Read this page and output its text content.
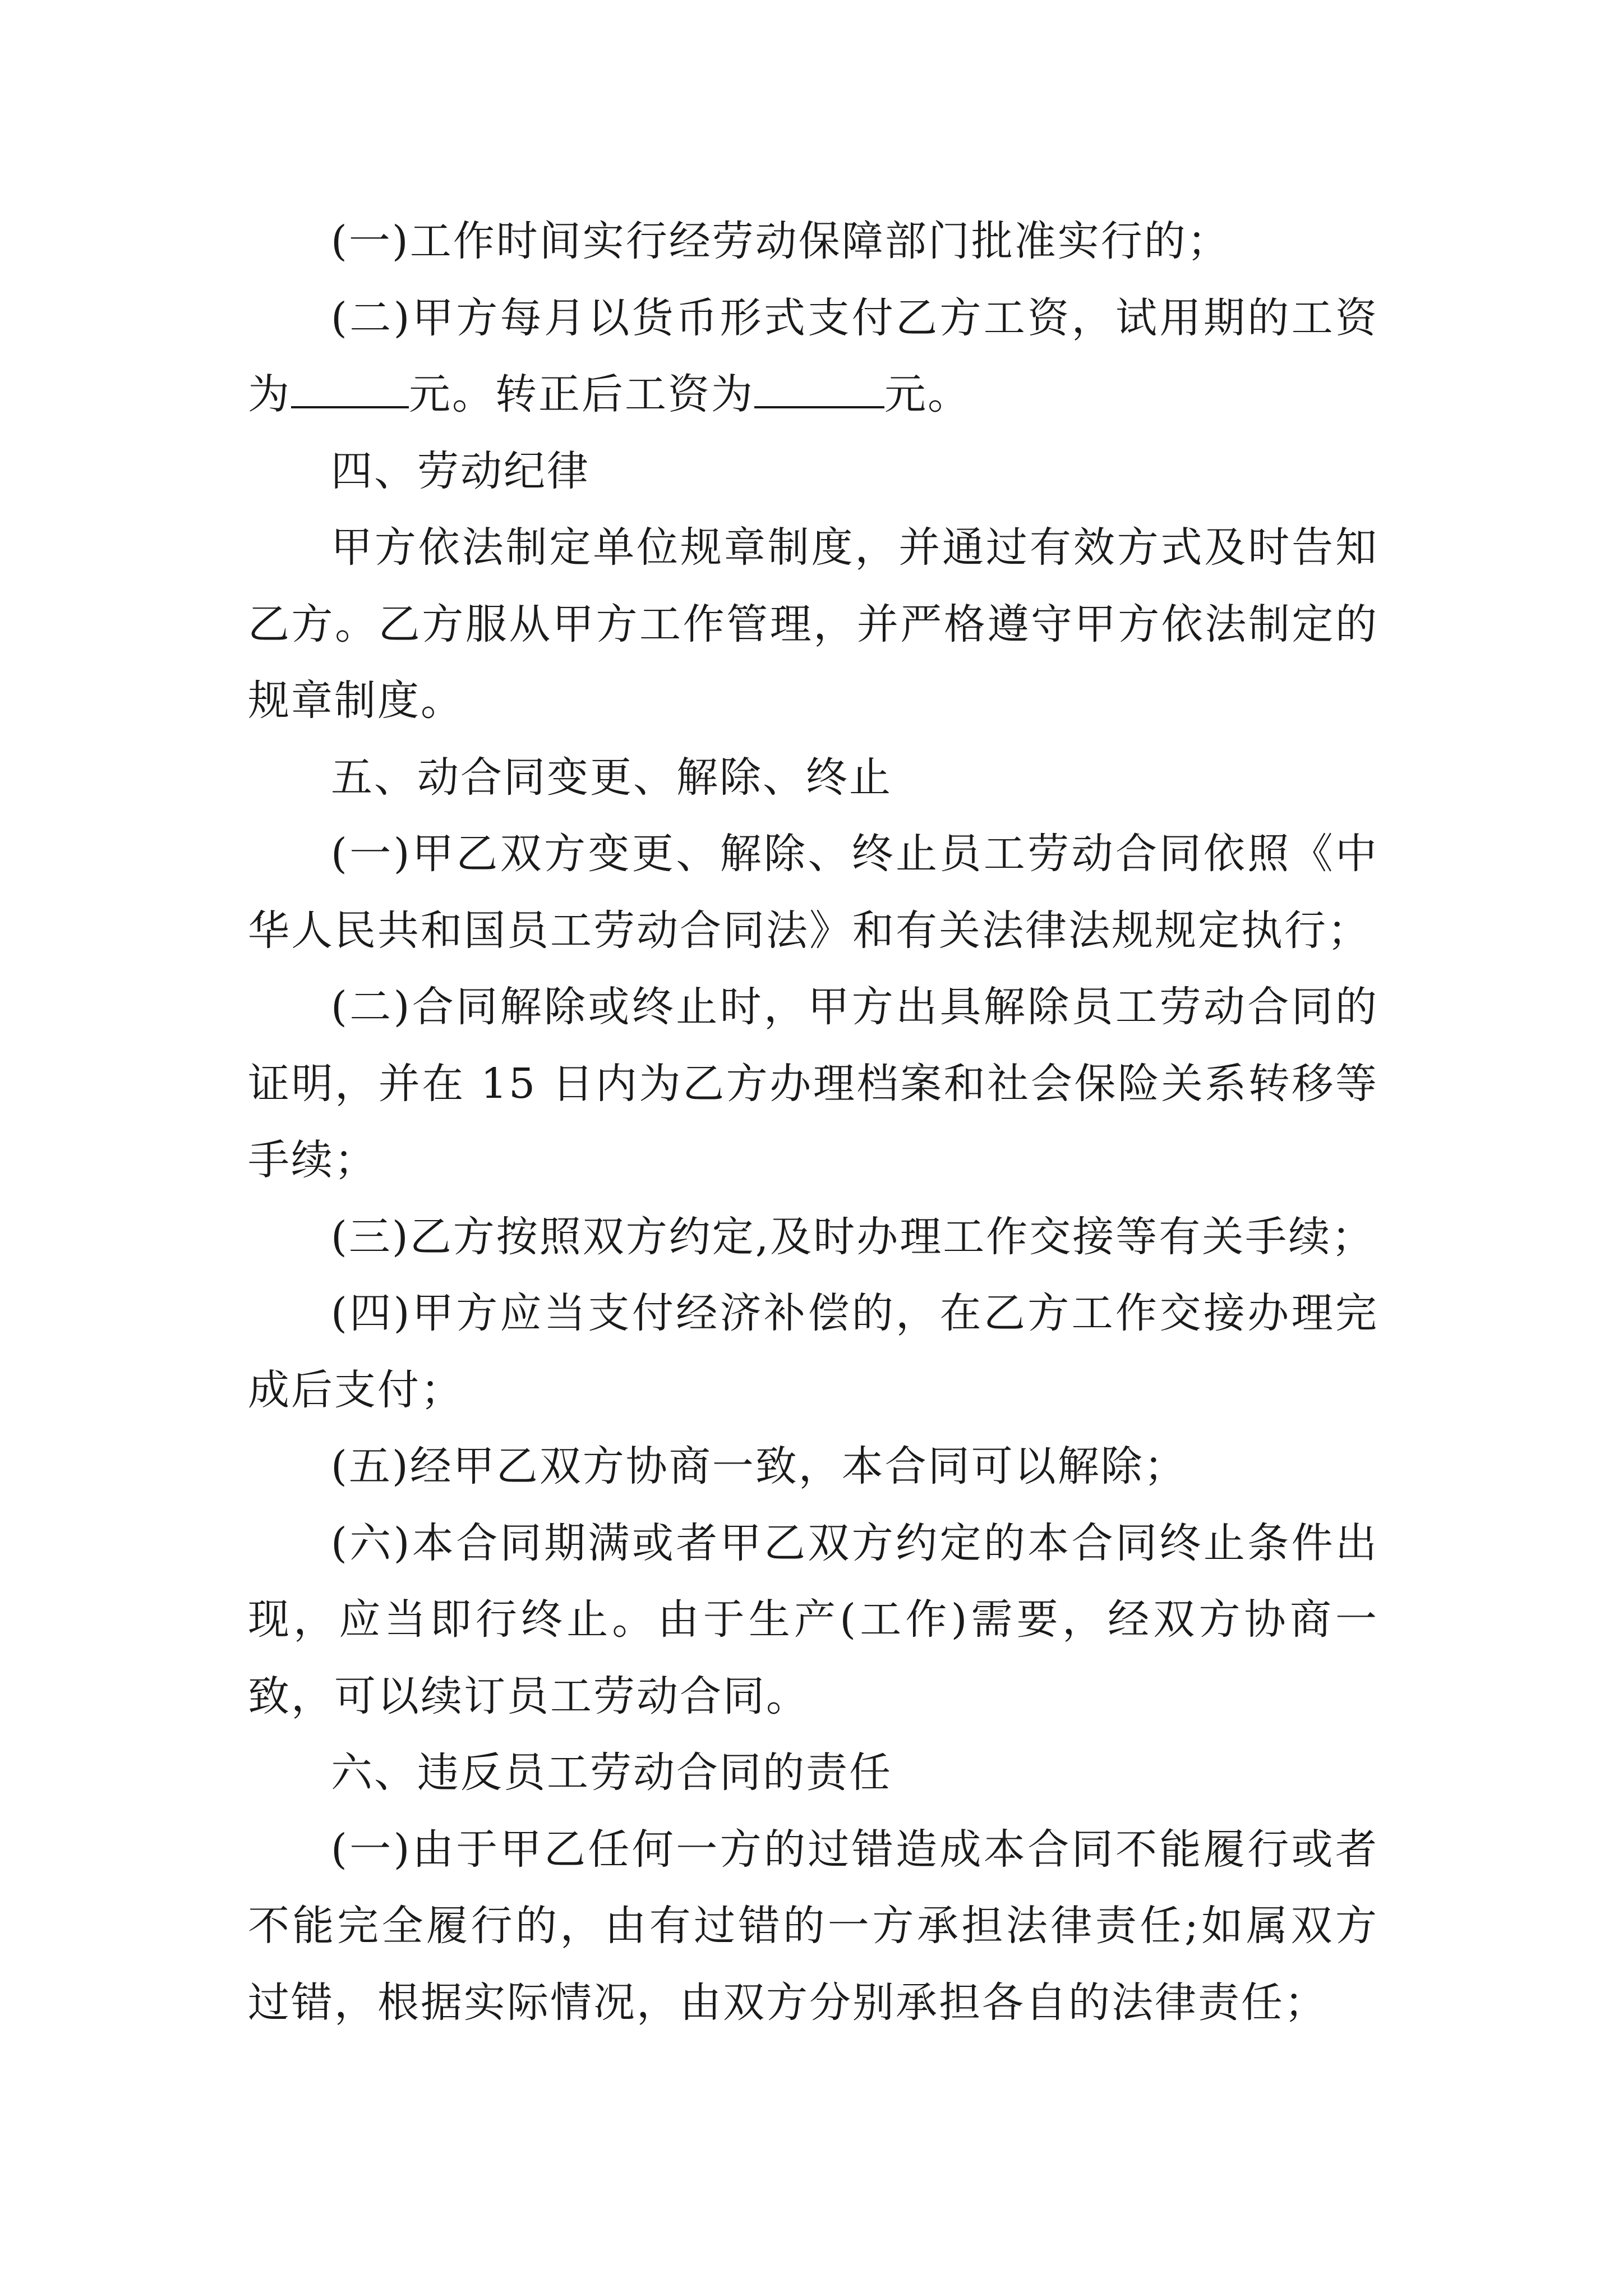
(一)工作时间实行经劳动保障部门批准实行的；

(二)甲方每月以货币形式支付乙方工资，试用期的工资为	元。转正后工资为	元。

四、劳动纪律

甲方依法制定单位规章制度，并通过有效方式及时告知乙方。乙方服从甲方工作管理，并严格遵守甲方依法制定的规章制度。

五、动合同变更、解除、终止

(一)甲乙双方变更、解除、终止员工劳动合同依照《中华人民共和国员工劳动合同法》和有关法律法规规定执行；

(二)合同解除或终止时，甲方出具解除员工劳动合同的证明，并在 15 日内为乙方办理档案和社会保险关系转移等手续；

(三)乙方按照双方约定,及时办理工作交接等有关手续；

(四)甲方应当支付经济补偿的，在乙方工作交接办理完成后支付；

(五)经甲乙双方协商一致，本合同可以解除；

(六)本合同期满或者甲乙双方约定的本合同终止条件出现，应当即行终止。由于生产(工作)需要，经双方协商一致，可以续订员工劳动合同。

六、违反员工劳动合同的责任

(一)由于甲乙任何一方的过错造成本合同不能履行或者不能完全履行的，由有过错的一方承担法律责任;如属双方过错，根据实际情况，由双方分别承担各自的法律责任；
